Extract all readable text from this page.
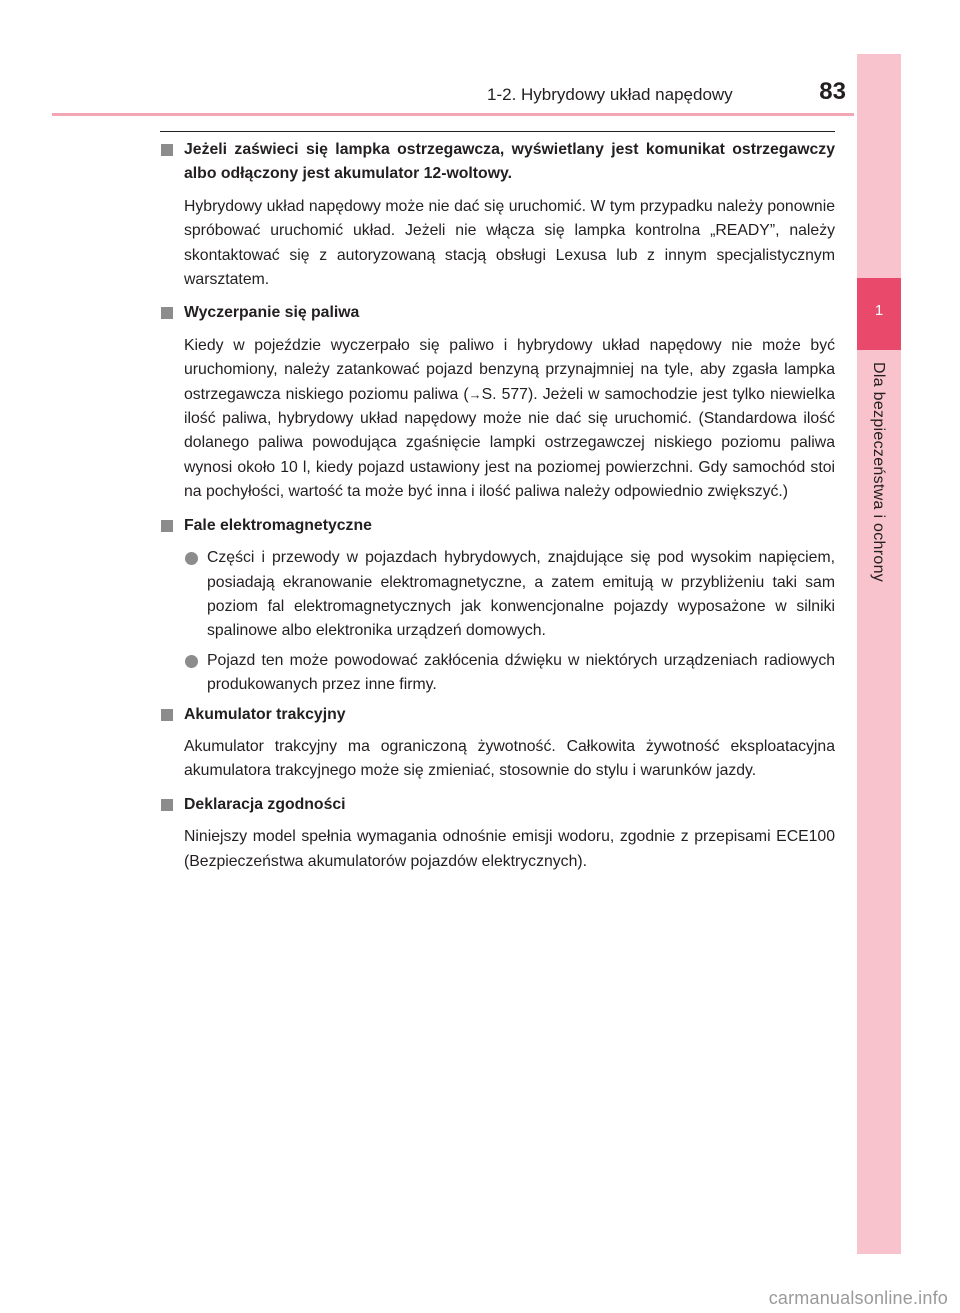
1
Dla bezpieczeństwa i ochrony
1-2. Hybrydowy układ napędowy	83
Jeżeli zaświeci się lampka ostrzegawcza, wyświetlany jest komunikat ostrzegawczy albo odłączony jest akumulator 12-woltowy.
Hybrydowy układ napędowy może nie dać się uruchomić. W tym przypadku należy ponownie spróbować uruchomić układ. Jeżeli nie włącza się lampka kontrolna „READY”, należy skontaktować się z autoryzowaną stacją obsługi Lexusa lub z innym specjalistycznym warsztatem.
Wyczerpanie się paliwa
Kiedy w pojeździe wyczerpało się paliwo i hybrydowy układ napędowy nie może być uruchomiony, należy zatankować pojazd benzyną przynajmniej na tyle, aby zgasła lampka ostrzegawcza niskiego poziomu paliwa (→S. 577). Jeżeli w samochodzie jest tylko niewielka ilość paliwa, hybrydowy układ napędowy może nie dać się uruchomić. (Standardowa ilość dolanego paliwa powodująca zgaśnięcie lampki ostrzegawczej niskiego poziomu paliwa wynosi około 10 l, kiedy pojazd ustawiony jest na poziomej powierzchni. Gdy samochód stoi na pochyłości, wartość ta może być inna i ilość paliwa należy odpowiednio zwiększyć.)
Fale elektromagnetyczne
Części i przewody w pojazdach hybrydowych, znajdujące się pod wysokim napięciem, posiadają ekranowanie elektromagnetyczne, a zatem emitują w przybliżeniu taki sam poziom fal elektromagnetycznych jak konwencjonalne pojazdy wyposażone w silniki spalinowe albo elektronika urządzeń domowych.
Pojazd ten może powodować zakłócenia dźwięku w niektórych urządzeniach radiowych produkowanych przez inne firmy.
Akumulator trakcyjny
Akumulator trakcyjny ma ograniczoną żywotność. Całkowita żywotność eksploatacyjna akumulatora trakcyjnego może się zmieniać, stosownie do stylu i warunków jazdy.
Deklaracja zgodności
Niniejszy model spełnia wymagania odnośnie emisji wodoru, zgodnie z przepisami ECE100 (Bezpieczeństwa akumulatorów pojazdów elektrycznych).
carmanualsonline.info
